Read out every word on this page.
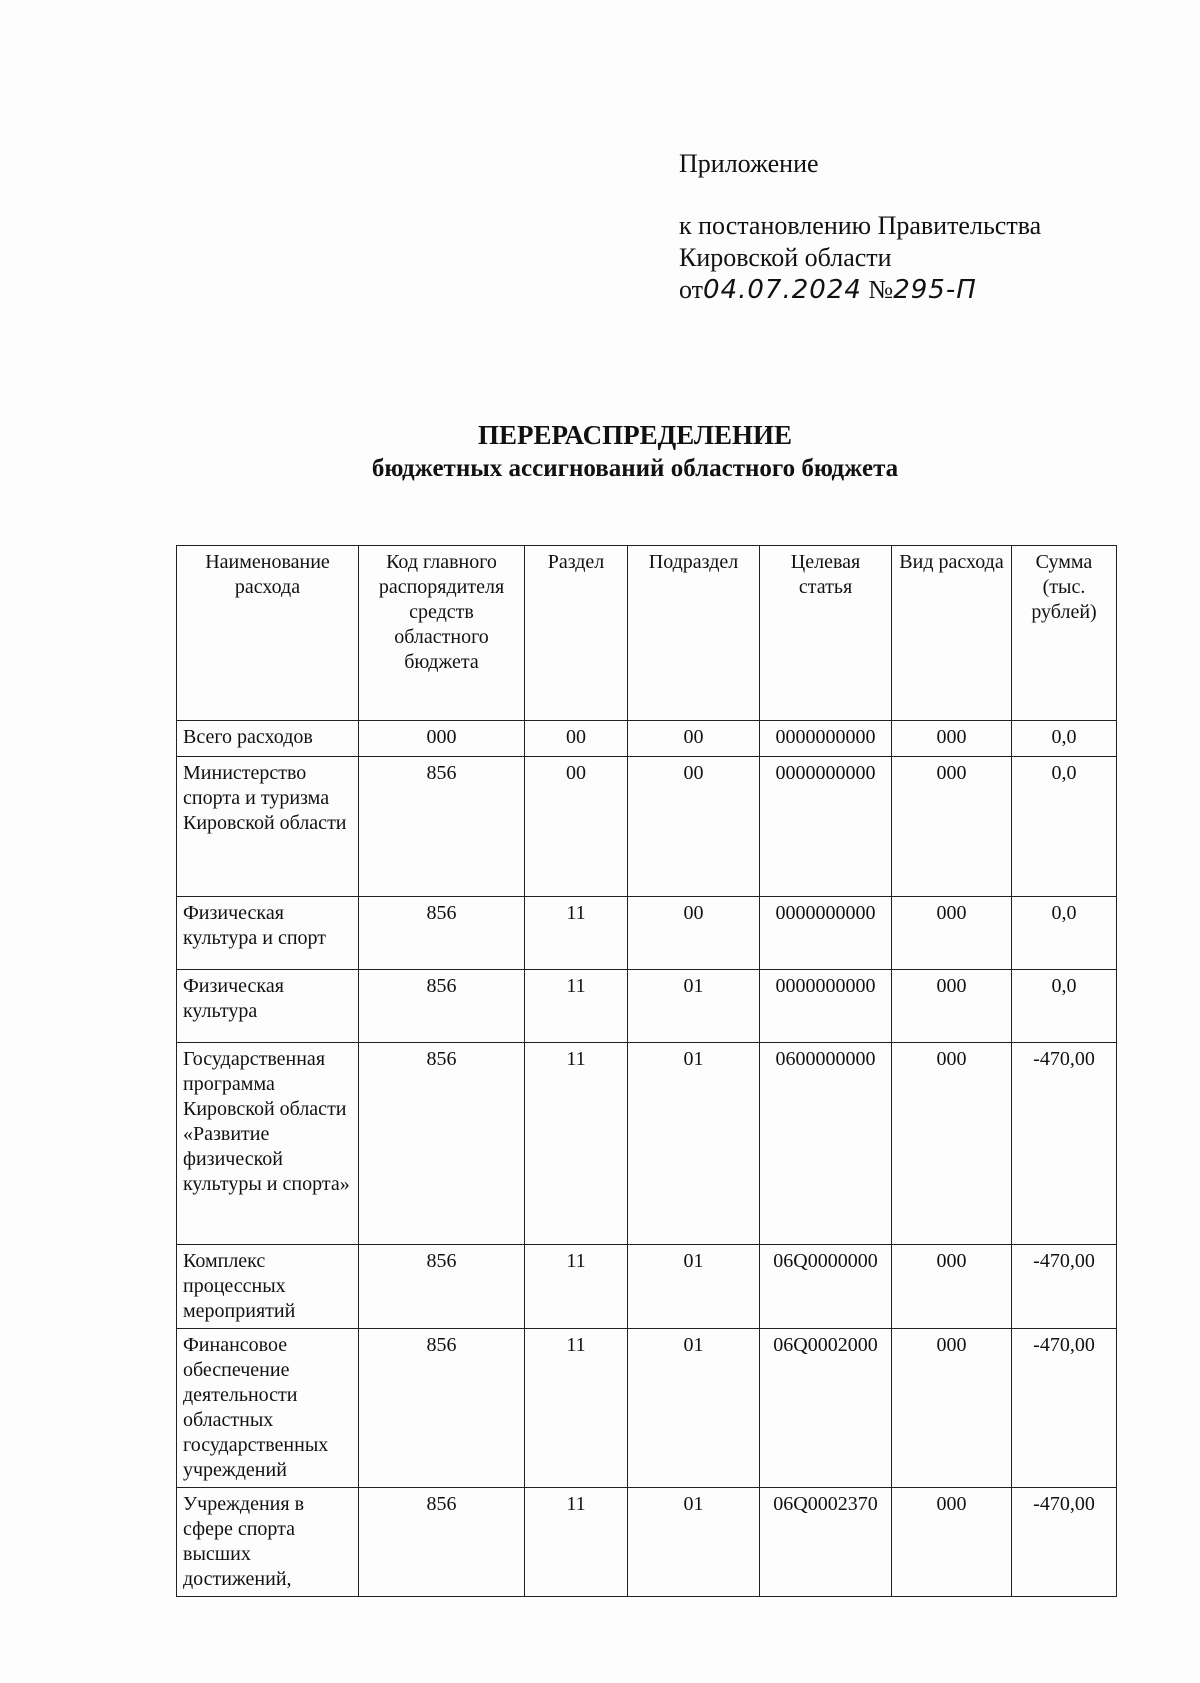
Приложение
к постановлению Правительства
Кировской области
от04.07.2024 №295-П
ПЕРЕРАСПРЕДЕЛЕНИЕ
бюджетных ассигнований областного бюджета
Наименование расхода	Код главного распорядителя средств областного бюджета	Раздел	Подраздел	Целевая статья	Вид расхода	Сумма (тыс. рублей)
Всего расходов	000	00	00	0000000000	000	0,0
Министерство спорта и туризма Кировской области	856	00	00	0000000000	000	0,0
Физическая культура и спорт	856	11	00	0000000000	000	0,0
Физическая культура	856	11	01	0000000000	000	0,0
Государственная программа Кировской области «Развитие физической культуры и спорта»	856	11	01	0600000000	000	-470,00
Комплекс процессных мероприятий	856	11	01	06Q0000000	000	-470,00
Финансовое обеспечение деятельности областных государственных учреждений	856	11	01	06Q0002000	000	-470,00
Учреждения в сфере спорта высших достижений,	856	11	01	06Q0002370	000	-470,00
